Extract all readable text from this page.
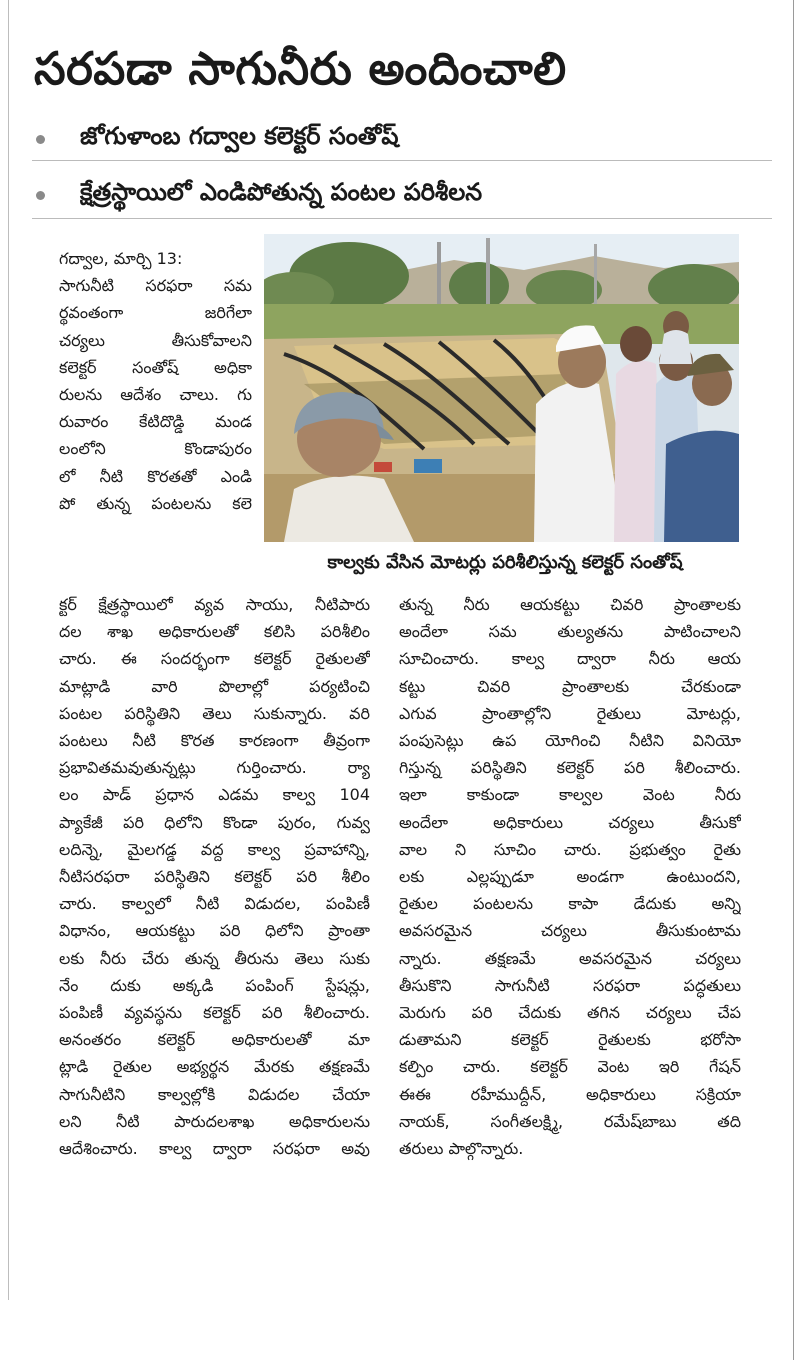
సరపడా సాగునీరు అందించాలి
జోగుళాంబ గద్వాల కలెక్టర్ సంతోష్
క్షేత్రస్థాయిలో ఎండిపోతున్న పంటల పరిశీలన
కాల్వకు వేసిన మోటర్లు పరిశీలిస్తున్న కలెక్టర్ సంతోష్
గద్వాల, మార్చి 13:
సాగునీటి సరఫరా సమ
ర్థవంతంగా జరిగేలా
చర్యలు తీసుకోవాలని
కలెక్టర్ సంతోష్ అధికా
రులను ఆదేశం చాలు. గు
రువారం కేటిదొడ్డి మండ
లంలోని కొండాపురం
లో నీటి కొరతతో ఎండి
పో తున్న పంటలను కలె
క్టర్ క్షేత్రస్థాయిలో వ్యవ సాయు, నీటిపారు
దల శాఖ అధికారులతో కలిసి పరిశీలిం
చారు. ఈ సందర్భంగా కలెక్టర్ రైతులతో
మాట్లాడి వారి పొలాల్లో పర్యటించి
పంటల పరిస్థితిని తెలు సుకున్నారు. వరి
పంటలు నీటి కొరత కారణంగా తీవ్రంగా
ప్రభావితమవుతున్నట్లు గుర్తించారు. ర్యా
లం పాడ్ ప్రధాన ఎడమ కాల్వ 104
ప్యాకేజీ పరి ధిలోని కొండా పురం, గువ్వ
లదిన్నె, మైలగడ్డ వద్ద కాల్వ ప్రవాహాన్ని,
నీటిసరఫరా పరిస్థితిని కలెక్టర్ పరి శీలిం
చారు. కాల్వలో నీటి విడుదల, పంపిణీ
విధానం, ఆయకట్టు పరి ధిలోని ప్రాంతా
లకు నీరు చేరు తున్న తీరును తెలు సుకు
నేం దుకు అక్కడి పంపింగ్ స్టేషన్లు,
పంపిణీ వ్యవస్థను కలెక్టర్ పరి శీలించారు.
అనంతరం కలెక్టర్ అధికారులతో మా
ట్లాడి రైతుల అభ్యర్థన మేరకు తక్షణమే
సాగునీటిని కాల్వల్లోకి విడుదల చేయా
లని నీటి పారుదలశాఖ అధికారులను
ఆదేశించారు. కాల్వ ద్వారా సరఫరా అవు
తున్న నీరు ఆయకట్టు చివరి ప్రాంతాలకు
అందేలా సమ తుల్యతను పాటించాలని
సూచించారు. కాల్వ ద్వారా నీరు ఆయ
కట్టు చివరి ప్రాంతాలకు చేరకుండా
ఎగువ ప్రాంతాల్లోని రైతులు మోటర్లు,
పంపుసెట్లు ఉప యోగించి నీటిని వినియో
గిస్తున్న పరిస్థితిని కలెక్టర్ పరి శీలించారు.
ఇలా కాకుండా కాల్వల వెంట నీరు
అందేలా అధికారులు చర్యలు తీసుకో
వాల ని సూచిం చారు. ప్రభుత్వం రైతు
లకు ఎల్లప్పుడూ అండగా ఉంటుందని,
రైతుల పంటలను కాపా డేదుకు అన్ని
అవసరమైన చర్యలు తీసుకుంటామ
న్నారు. తక్షణమే అవసరమైన చర్యలు
తీసుకొని సాగునీటి సరఫరా పద్ధతులు
మెరుగు పరి చేదుకు తగిన చర్యలు చేప
డుతామని కలెక్టర్ రైతులకు భరోసా
కల్పిం చారు. కలెక్టర్ వెంట ఇరి గేషన్
ఈఈ రహీముద్దీన్, అధికారులు సక్రియా
నాయక్, సంగీతలక్ష్మి, రమేష్‌బాబు తది
తరులు పాల్గొన్నారు.
